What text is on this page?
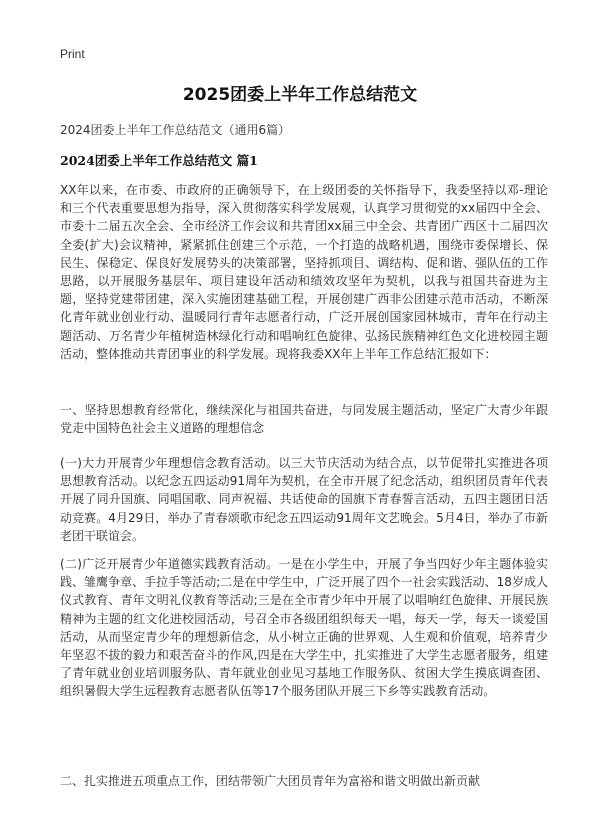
Print
2025团委上半年工作总结范文
2024团委上半年工作总结范文（通用6篇）
2024团委上半年工作总结范文 篇1

XX年以来，在市委、市政府的正确领导下，在上级团委的关怀指导下，我委坚持以邓-理论和三个代表重要思想为指导，深入贯彻落实科学发展观，认真学习贯彻党的xx届四中全会、市委十二届五次全会、全市经济工作会议和共青团xx届三中全会、共青团广西区十二届四次全委(扩大)会议精神，紧紧抓住创建三个示范，一个打造的战略机遇，围绕市委保增长、保民生、保稳定、保良好发展势头的决策部署，坚持抓项目、调结构、促和谐、强队伍的工作思路，以开展服务基层年、项目建设年活动和绩效攻坚年为契机，以我与祖国共奋进为主题，坚持党建带团建，深入实施团建基础工程，开展创建广西非公团建示范市活动，不断深化青年就业创业行动、温暖同行青年志愿者行动，广泛开展创国家园林城市，青年在行动主题活动、万名青少年植树造林绿化行动和唱响红色旋律、弘扬民族精神红色文化进校园主题活动，整体推动共青团事业的科学发展。现将我委XX年上半年工作总结汇报如下：

一、坚持思想教育经常化，继续深化与祖国共奋进，与同发展主题活动，坚定广大青少年跟党走中国特色社会主义道路的理想信念

(一)大力开展青少年理想信念教育活动。以三大节庆活动为结合点，以节促带扎实推进各项思想教育活动。以纪念五四运动91周年为契机，在全市开展了纪念活动，组织团员青年代表开展了同升国旗、同唱国歌、同声祝福、共话使命的国旗下青春誓言活动，五四主题团日活动竞赛。4月29日，举办了青春颂歌市纪念五四运动91周年文艺晚会。5月4日，举办了市新老团干联谊会。

(二)广泛开展青少年道德实践教育活动。一是在小学生中，开展了争当四好少年主题体验实践、雏鹰争章、手拉手等活动;二是在中学生中，广泛开展了四个一社会实践活动、18岁成人仪式教育、青年文明礼仪教育等活动;三是在全市青少年中开展了以唱响红色旋律、开展民族精神为主题的红文化进校园活动，号召全市各级团组织每天一唱，每天一学，每天一谈爱国活动，从而坚定青少年的理想新信念，从小树立正确的世界观、人生观和价值观，培养青少年坚忍不拔的毅力和艰苦奋斗的作风,四是在大学生中，扎实推进了大学生志愿者服务，组建了青年就业创业培训服务队、青年就业创业见习基地工作服务队、贫困大学生摸底调查团、组织暑假大学生远程教育志愿者队伍等17个服务团队开展三下乡等实践教育活动。

二、扎实推进五项重点工作，团结带领广大团员青年为富裕和谐文明做出新贡献
